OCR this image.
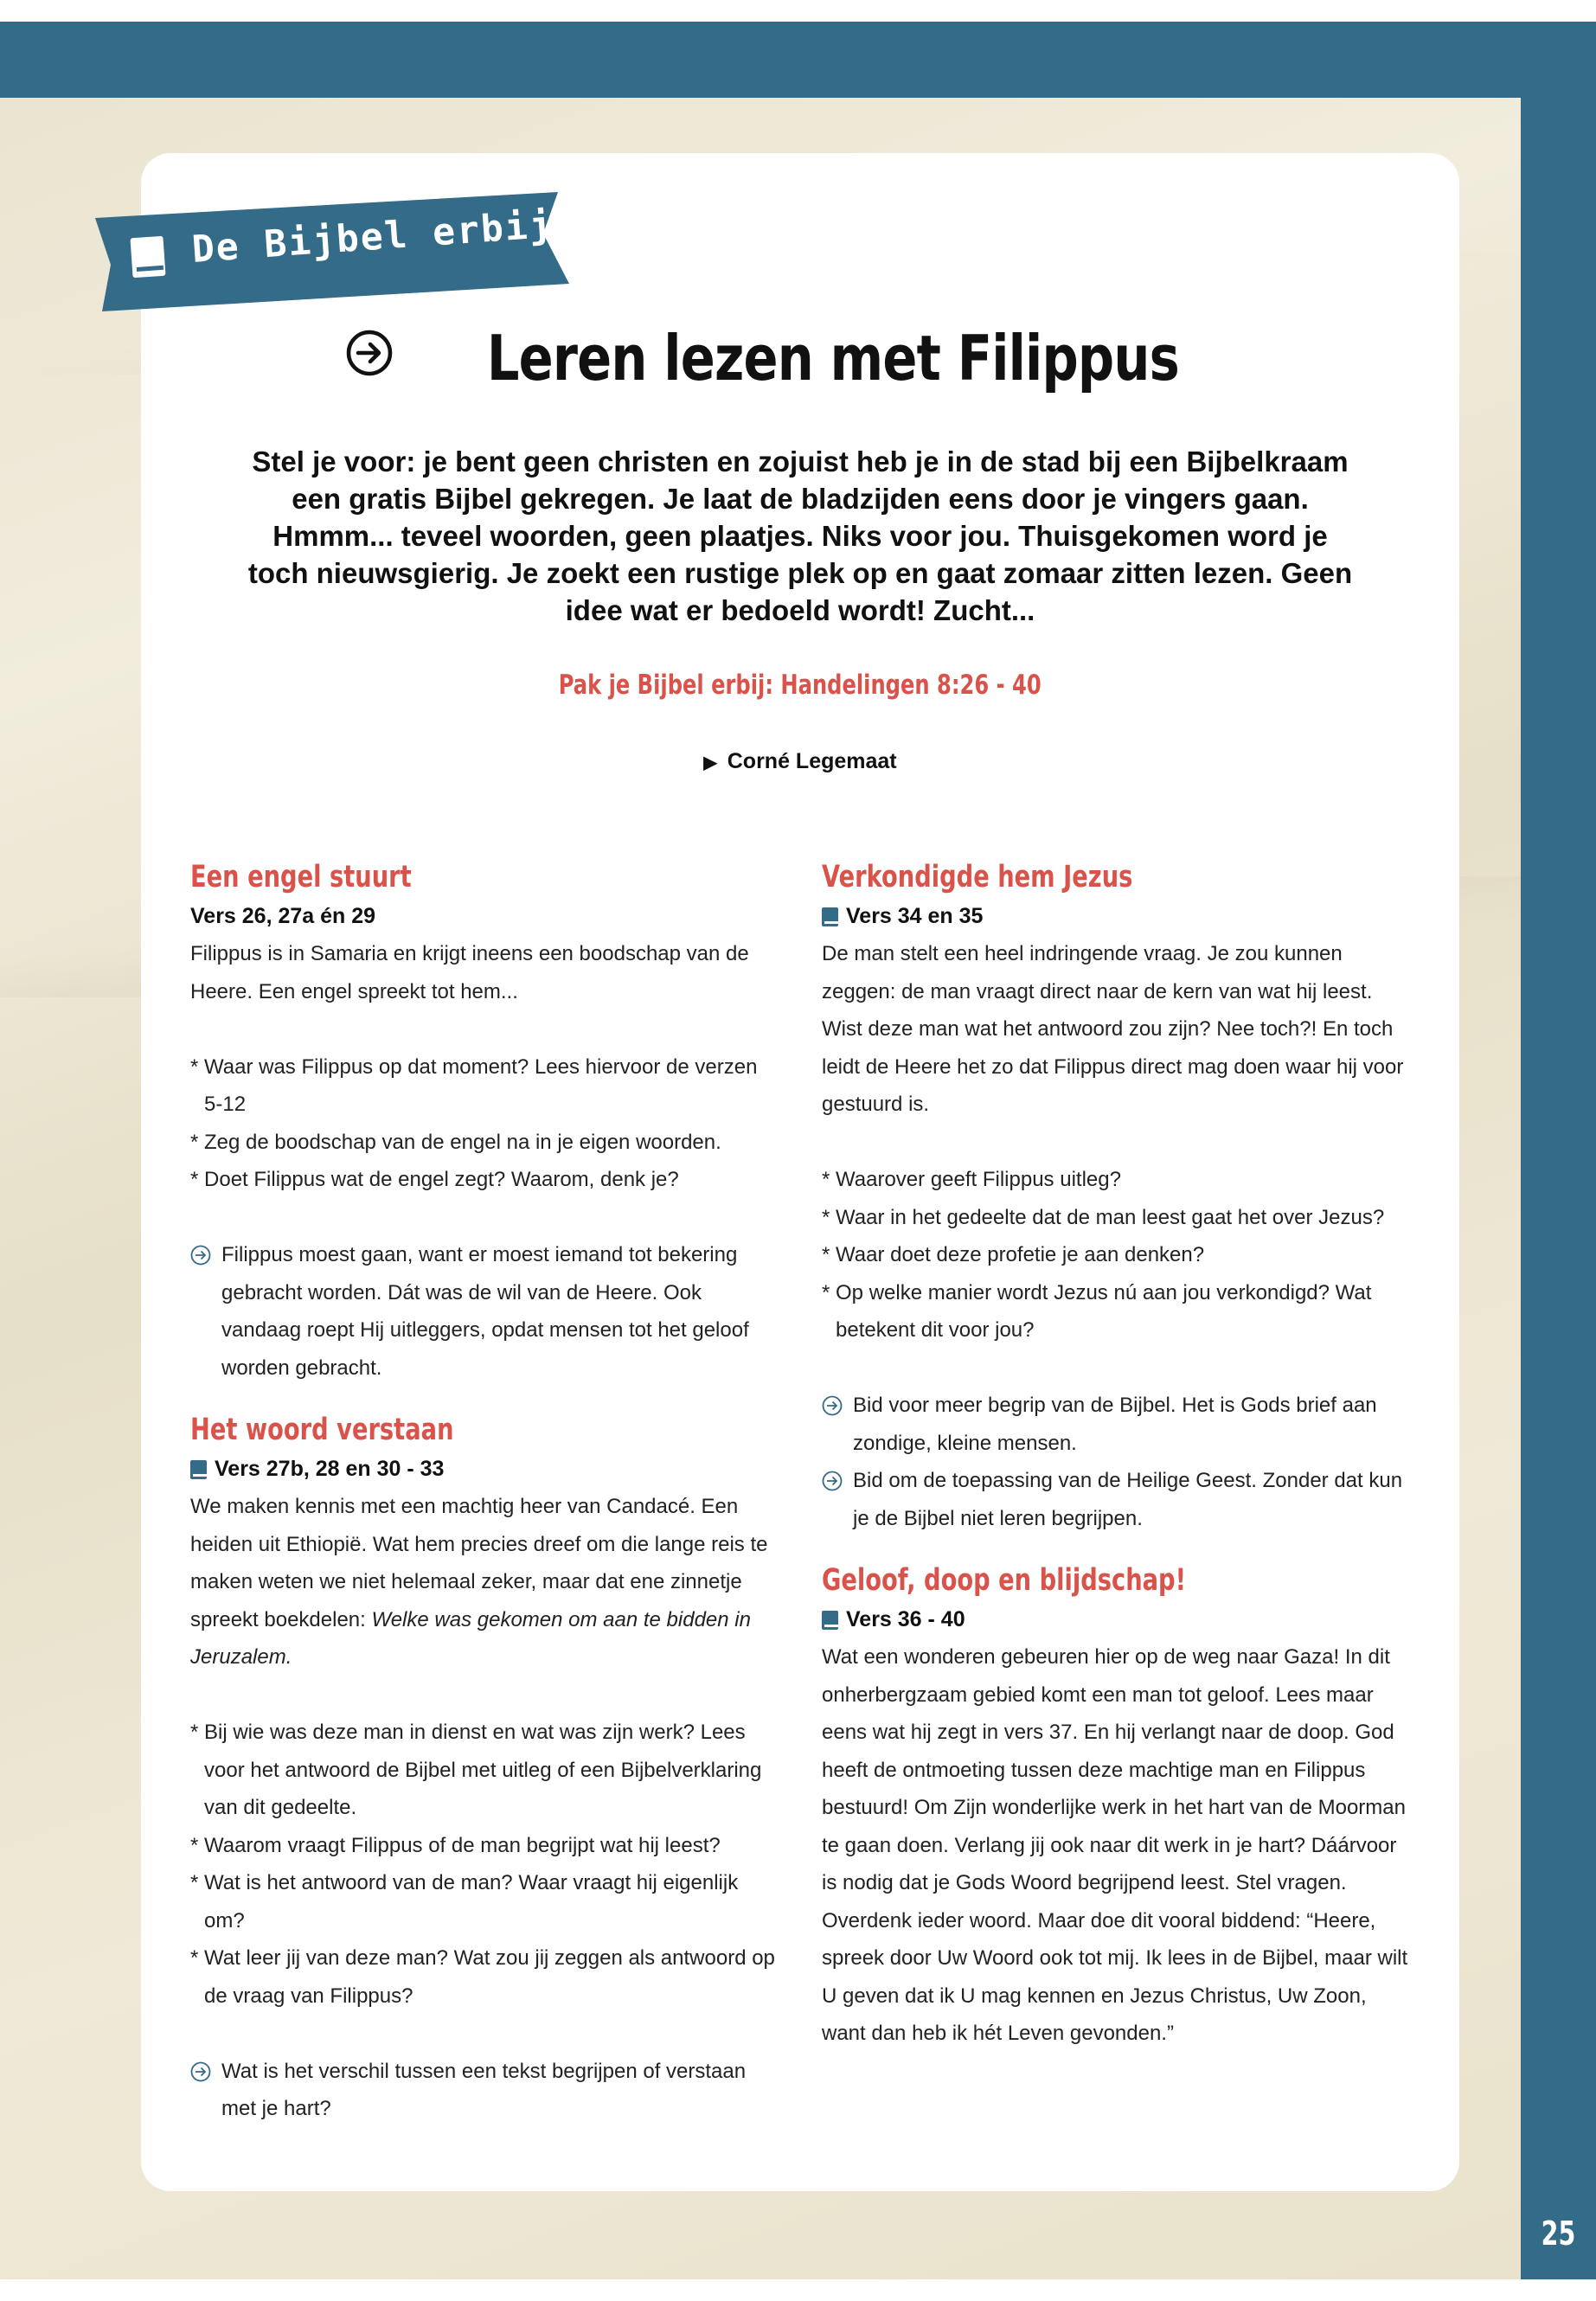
25
De Bijbel erbij
Leren lezen met Filippus
Stel je voor: je bent geen christen en zojuist heb je in de stad bij een Bijbelkraam een gratis Bijbel gekregen. Je laat de bladzijden eens door je vingers gaan. Hmmm... teveel woorden, geen plaatjes. Niks voor jou. Thuisgekomen word je toch nieuwsgierig. Je zoekt een rustige plek op en gaat zomaar zitten lezen. Geen idee wat er bedoeld wordt! Zucht...
Pak je Bijbel erbij: Handelingen 8:26 - 40
▶ Corné Legemaat
Een engel stuurt
Vers 26, 27a én 29

Filippus is in Samaria en krijgt ineens een boodschap van de Heere. Een engel spreekt tot hem...

* Waar was Filippus op dat moment? Lees hiervoor de verzen 5-12
* Zeg de boodschap van de engel na in je eigen woorden.
* Doet Filippus wat de engel zegt? Waarom, denk je?
Filippus moest gaan, want er moest iemand tot bekering gebracht worden. Dát was de wil van de Heere. Ook vandaag roept Hij uitleggers, opdat mensen tot het geloof worden gebracht.
Het woord verstaan
Vers 27b, 28 en 30 - 33

We maken kennis met een machtig heer van Candacé. Een heiden uit Ethiopië. Wat hem precies dreef om die lange reis te maken weten we niet helemaal zeker, maar dat ene zinnetje spreekt boekdelen: Welke was gekomen om aan te bidden in Jeruzalem.

* Bij wie was deze man in dienst en wat was zijn werk? Lees voor het antwoord de Bijbel met uitleg of een Bijbelverklaring van dit gedeelte.
* Waarom vraagt Filippus of de man begrijpt wat hij leest?
* Wat is het antwoord van de man? Waar vraagt hij eigenlijk om?
* Wat leer jij van deze man? Wat zou jij zeggen als antwoord op de vraag van Filippus?
Wat is het verschil tussen een tekst begrijpen of verstaan met je hart?
Verkondigde hem Jezus
Vers 34 en 35

De man stelt een heel indringende vraag. Je zou kunnen zeggen: de man vraagt direct naar de kern van wat hij leest. Wist deze man wat het antwoord zou zijn? Nee toch?! En toch leidt de Heere het zo dat Filippus direct mag doen waar hij voor gestuurd is.

* Waarover geeft Filippus uitleg?
* Waar in het gedeelte dat de man leest gaat het over Jezus?
* Waar doet deze profetie je aan denken?
* Op welke manier wordt Jezus nú aan jou verkondigd? Wat betekent dit voor jou?
Bid voor meer begrip van de Bijbel. Het is Gods brief aan zondige, kleine mensen.
Bid om de toepassing van de Heilige Geest. Zonder dat kun je de Bijbel niet leren begrijpen.
Geloof, doop en blijdschap!
Vers 36 - 40

Wat een wonderen gebeuren hier op de weg naar Gaza! In dit onherbergzaam gebied komt een man tot geloof. Lees maar eens wat hij zegt in vers 37. En hij verlangt naar de doop. God heeft de ontmoeting tussen deze machtige man en Filippus bestuurd! Om Zijn wonderlijke werk in het hart van de Moorman te gaan doen. Verlang jij ook naar dit werk in je hart? Dáárvoor is nodig dat je Gods Woord begrijpend leest. Stel vragen. Overdenk ieder woord. Maar doe dit vooral biddend: “Heere, spreek door Uw Woord ook tot mij. Ik lees in de Bijbel, maar wilt U geven dat ik U mag kennen en Jezus Christus, Uw Zoon, want dan heb ik hét Leven gevonden.”
